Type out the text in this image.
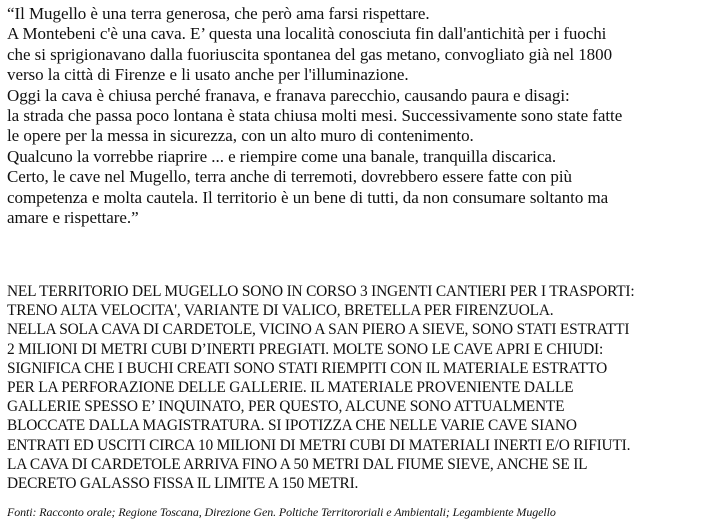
“Il Mugello è una terra generosa, che però ama farsi rispettare.
A Montebeni c'è una cava. E’ questa una località conosciuta fin dall'antichità per i fuochi
che si sprigionavano dalla fuoriuscita spontanea del gas metano, convogliato già nel 1800
verso la città di Firenze e li usato anche per l'illuminazione.
Oggi la cava è chiusa perché franava, e franava parecchio, causando paura e disagi:
la strada che passa poco lontana è stata chiusa molti mesi. Successivamente sono state fatte
le opere per la messa in sicurezza, con un alto muro di contenimento.
Qualcuno la vorrebbe riaprire ... e riempire come una banale, tranquilla discarica.
Certo, le cave nel Mugello, terra anche di terremoti, dovrebbero essere fatte con più
competenza e molta cautela. Il territorio è un bene di tutti, da non consumare soltanto ma
amare e rispettare.”
NEL TERRITORIO DEL MUGELLO SONO IN CORSO 3 INGENTI CANTIERI PER I TRASPORTI:
TRENO ALTA VELOCITA', VARIANTE DI VALICO, BRETELLA PER FIRENZUOLA.
NELLA SOLA CAVA DI CARDETOLE, VICINO A SAN PIERO A SIEVE, SONO STATI ESTRATTI
2 MILIONI DI METRI CUBI D’INERTI PREGIATI. MOLTE SONO LE CAVE APRI E CHIUDI:
SIGNIFICA CHE I BUCHI CREATI SONO STATI RIEMPITI CON IL MATERIALE ESTRATTO
PER LA PERFORAZIONE DELLE GALLERIE. IL MATERIALE PROVENIENTE DALLE
GALLERIE SPESSO E’ INQUINATO, PER QUESTO, ALCUNE SONO ATTUALMENTE
BLOCCATE DALLA MAGISTRATURA. SI IPOTIZZA CHE NELLE VARIE CAVE SIANO
ENTRATI ED USCITI CIRCA 10 MILIONI DI METRI CUBI DI MATERIALI INERTI E/O RIFIUTI.
LA CAVA DI CARDETOLE ARRIVA FINO A 50 METRI DAL FIUME SIEVE, ANCHE SE IL
DECRETO GALASSO FISSA IL LIMITE A 150 METRI.
Fonti: Racconto orale; Regione Toscana, Direzione Gen. Poltiche Territororiali e Ambientali; Legambiente Mugello
